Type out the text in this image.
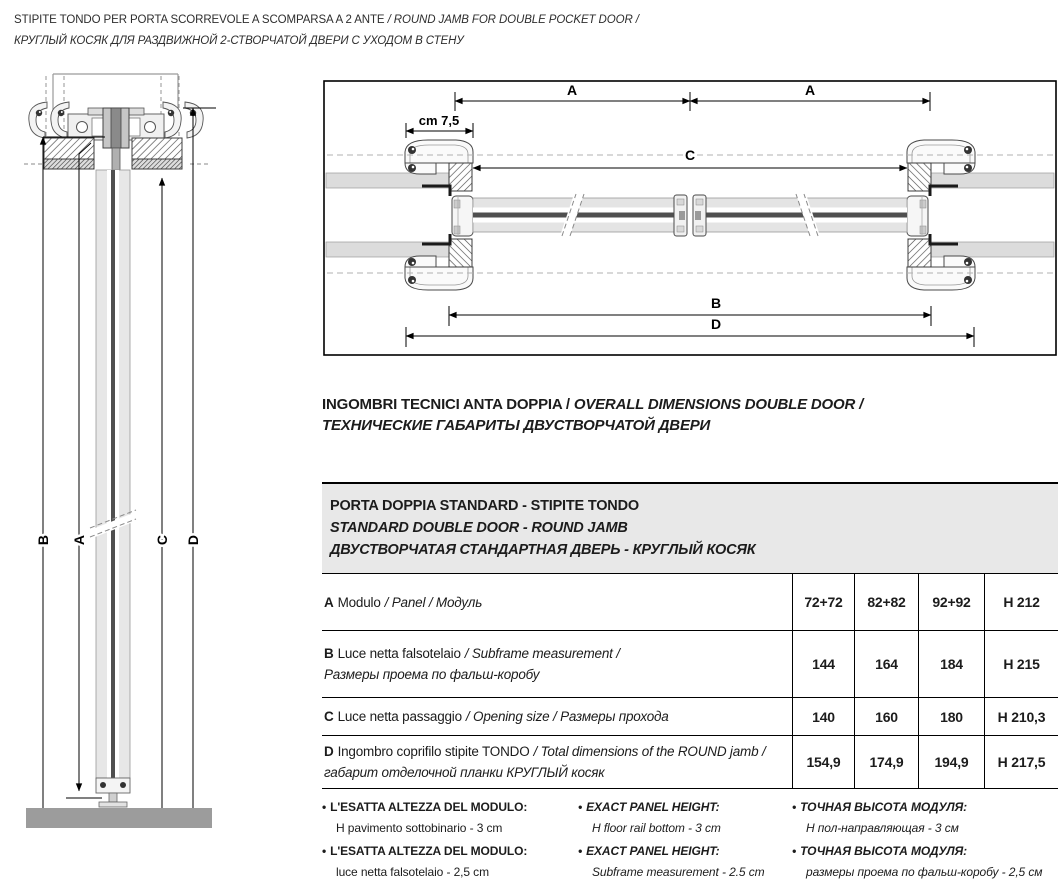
STIPITE TONDO PER PORTA SCORREVOLE A SCOMPARSA A 2 ANTE / ROUND JAMB FOR DOUBLE POCKET DOOR /
КРУГЛЫЙ КОСЯК ДЛЯ РАЗДВИЖНОЙ 2-СТВОРЧАТОЙ ДВЕРИ С УХОДОМ В СТЕНУ
B A	C D
A	A
cm 7,5
C
B
D
INGOMBRI TECNICI ANTA DOPPIA / OVERALL DIMENSIONS DOUBLE DOOR /
ТЕХНИЧЕСКИЕ ГАБАРИТЫ ДВУСТВОРЧАТОЙ ДВЕРИ
PORTA DOPPIA STANDARD - STIPITE TONDO
STANDARD DOUBLE DOOR - ROUND JAMB
ДВУСТВОРЧАТАЯ СТАНДАРТНАЯ ДВЕРЬ - КРУГЛЫЙ КОСЯК
A Modulo / Panel / Модуль	72+72	82+82	92+92	H 212
B Luce netta falsotelaio / Subframe measurement /
Размеры проема по фальш-коробу
144	164	184	H 215
C Luce netta passaggio / Opening size / Размеры прохода	140	160	180	H 210,3
D Ingombro coprifilo stipite TONDO / Total dimensions of the ROUND jamb /
габарит отделочной планки КРУГЛЫЙ косяк
154,9	174,9	194,9	H 217,5
• L'ESATTA ALTEZZA DEL MODULO:
H pavimento sottobinario - 3 cm
• L'ESATTA ALTEZZA DEL MODULO:
luce netta falsotelaio - 2,5 cm
• EXACT PANEL HEIGHT:
H floor rail bottom - 3 cm
• EXACT PANEL HEIGHT:
Subframe measurement - 2.5 cm
• ТОЧНАЯ ВЫСОТА МОДУЛЯ:
Н пол-направляющая - 3 см
• ТОЧНАЯ ВЫСОТА МОДУЛЯ:
размеры проема по фальш-коробу - 2,5 см
